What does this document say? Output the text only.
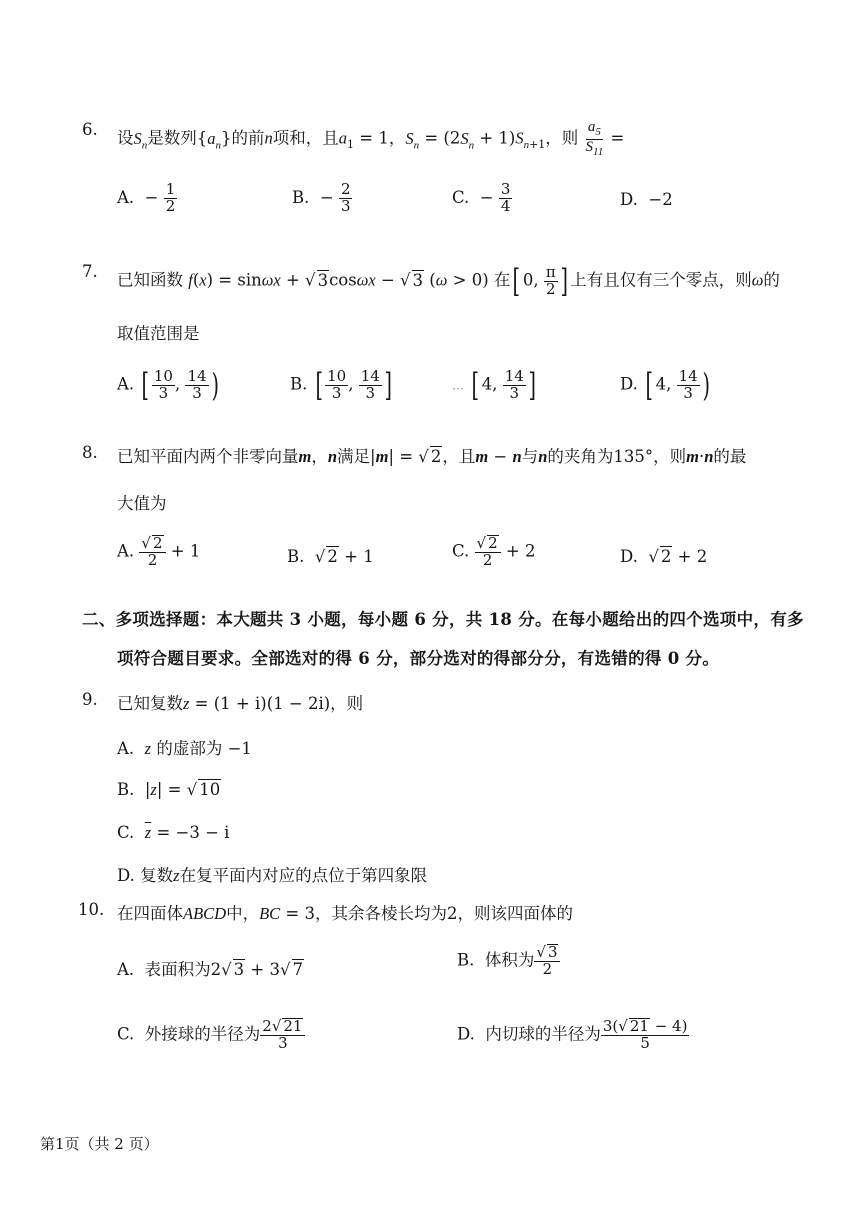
6. 设$S_n$是数列$\{a_n\}$的前n项和，且$a_1 = 1$，$S_n = (2S_n + 1)S_{n+1}$，则 $\frac{a_5}{S_{11}}$ =
A.  − $\frac{1}{2}$	B.  − $\frac{2}{3}$	C.  − $\frac{3}{4}$	D.  −2
7. 已知函数 f(x) = sinωx + √ 3cosωx − √ 3 (ω > 0) 在[ 0, $\frac{\pi}{2}$ ] 上有且仅有三个零点，则ω的
取值范围是
A. [ $\frac{10}{3}$ , $\frac{14}{3}$ )	B. [ $\frac{10}{3}$ , $\frac{14}{3}$ ]	… [ 4, $\frac{14}{3}$ ]	D. [ 4, $\frac{14}{3}$ )
8. 已知平面内两个非零向量m，n满足|m| = √ 2，且m − n与n的夹角为135°，则m·n的最
大值为
A. $\frac{√ 2}{2} + 1$	B.  √ 2 + 1	C. $\frac{√ 2}{2} + 2$	D.  √ 2 + 2
二、多项选择题：本大题共 3 小题，每小题 6 分，共 18 分。在每小题给出的四个选项中，有多
项符合题目要求。全部选对的得 6 分，部分选对的得部分分，有选错的得 0 分。
9. 已知复数z = (1 + i)(1 − 2i)，则
A.  z 的虚部为 −1
B.  |z| = √ 10
C.  $\overline{z} = -3 - i$
D. 复数z在复平面内对应的点位于第四象限
10. 在四面体ABCD中，BC = 3，其余各棱长均为2，则该四面体的
A.  表面积为2√ 3 + 3√ 7
B.  体积为 $\frac{√ 3}{2}$
C.  外接球的半径为 $\frac{2√ 21}{3}$	D.  内切球的半径为 $\frac{3(√ 21 - 4)}{5}$
第1页（共 2 页）
